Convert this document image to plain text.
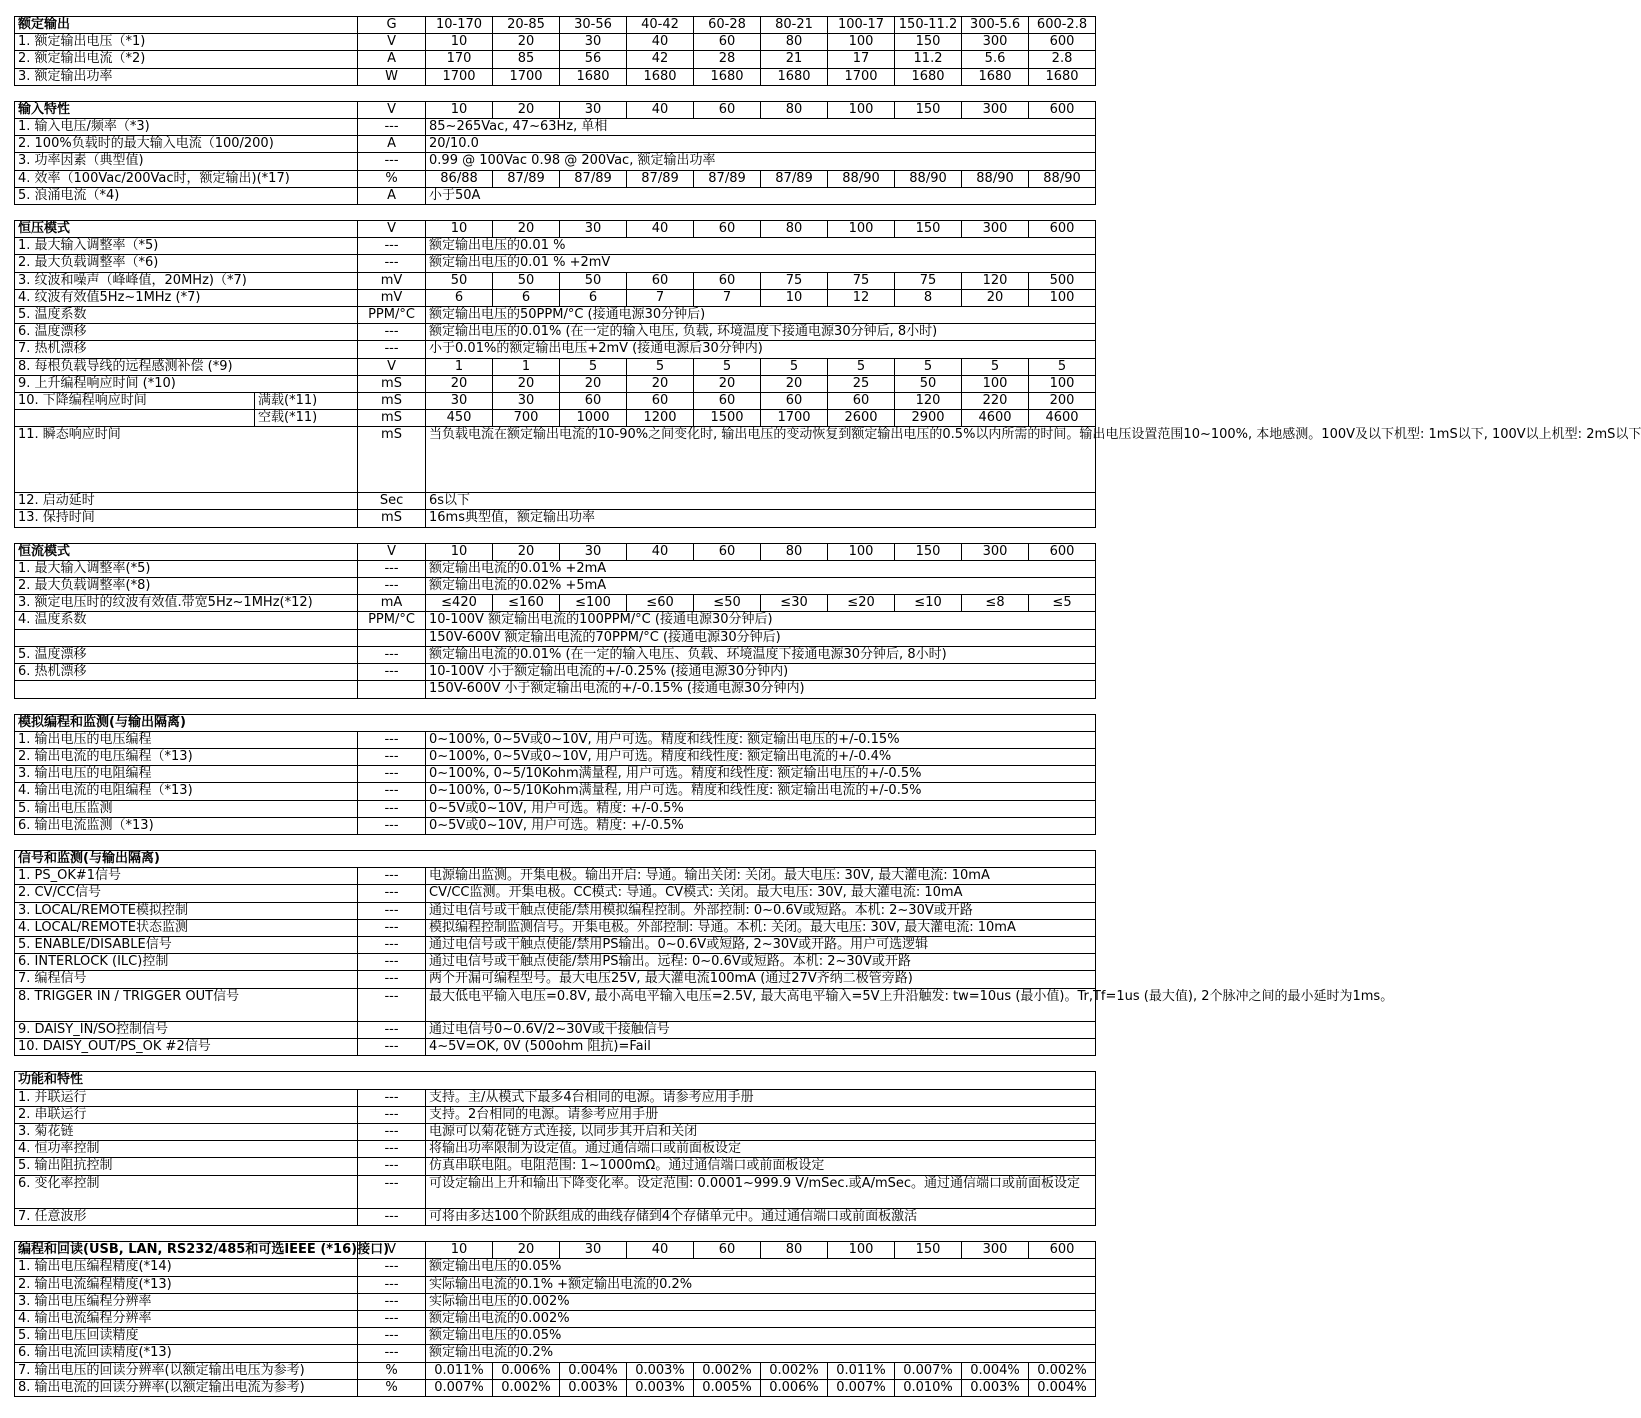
额定输出	G	10-170	20-85	30-56	40-42	60-28	80-21	100-17	150-11.2	300-5.6	600-2.8
1. 额定输出电压（*1)	V	10	20	30	40	60	80	100	150	300	600
2. 额定输出电流（*2)	A	170	85	56	42	28	21	17	11.2	5.6	2.8
3. 额定输出功率	W	1700	1700	1680	1680	1680	1680	1700	1680	1680	1680
输入特性	V	10	20	30	40	60	80	100	150	300	600
1. 输入电压/频率（*3)	---	85~265Vac, 47~63Hz, 单相									
2. 100%负载时的最大输入电流（100/200)	A	20/10.0									
3. 功率因素（典型值)	---	0.99 @ 100Vac 0.98 @ 200Vac, 额定输出功率									
4. 效率（100Vac/200Vac时，额定输出)(*17)	%	86/88	87/89	87/89	87/89	87/89	87/89	88/90	88/90	88/90	88/90
5. 浪涌电流（*4)	A	小于50A									
恒压模式		V	10	20	30	40	60	80	100	150	300	600
1. 最大输入调整率（*5)		---	额定输出电压的0.01 %									
2. 最大负载调整率（*6)		---	额定输出电压的0.01 % +2mV									
3. 纹波和噪声（峰峰值，20MHz)（*7)		mV	50	50	50	60	60	75	75	75	120	500
4. 纹波有效值5Hz~1MHz (*7)		mV	6	6	6	7	7	10	12	8	20	100
5. 温度系数		PPM/°C	额定输出电压的50PPM/°C (接通电源30分钟后)									
6. 温度漂移		---	额定输出电压的0.01% (在一定的输入电压, 负载, 环境温度下接通电源30分钟后, 8小时)									
7. 热机漂移		---	小于0.01%的额定输出电压+2mV (接通电源后30分钟内)									
8. 每根负载导线的远程感测补偿 (*9)		V	1	1	5	5	5	5	5	5	5	5
9. 上升编程响应时间 (*10)		mS	20	20	20	20	20	20	25	50	100	100
10. 下降编程响应时间	满载(*11)	mS	30	30	60	60	60	60	60	120	220	200
	空载(*11)	mS	450	700	1000	1200	1500	1700	2600	2900	4600	4600
11. 瞬态响应时间		mS	当负载电流在额定输出电流的10-90%之间变化时, 输出电压的变动恢复到额定输出电压的0.5%以内所需的时间。输出电压设置范围10~100%, 本地感测。100V及以下机型: 1mS以下, 100V以上机型: 2mS以下									
12. 启动延时		Sec	6s以下									
13. 保持时间		mS	16ms典型值，额定输出功率									
恒流模式	V	10	20	30	40	60	80	100	150	300	600
1. 最大输入调整率(*5)	---	额定输出电流的0.01% +2mA									
2. 最大负载调整率(*8)	---	额定输出电流的0.02% +5mA									
3. 额定电压时的纹波有效值.带宽5Hz~1MHz(*12)	mA	≤420	≤160	≤100	≤60	≤50	≤30	≤20	≤10	≤8	≤5
4. 温度系数	PPM/°C	10-100V 额定输出电流的100PPM/°C (接通电源30分钟后)									
		150V-600V 额定输出电流的70PPM/°C (接通电源30分钟后)									
5. 温度漂移	---	额定输出电流的0.01% (在一定的输入电压、负载、环境温度下接通电源30分钟后, 8小时)									
6. 热机漂移	---	10-100V 小于额定输出电流的+/-0.25% (接通电源30分钟内)									
		150V-600V 小于额定输出电流的+/-0.15% (接通电源30分钟内)									
模拟编程和监测(与输出隔离)		
1. 输出电压的电压编程	---	0~100%, 0~5V或0~10V, 用户可选。精度和线性度: 额定输出电压的+/-0.15%
2. 输出电流的电压编程（*13)	---	0~100%, 0~5V或0~10V, 用户可选。精度和线性度: 额定输出电流的+/-0.4%
3. 输出电压的电阻编程	---	0~100%, 0~5/10Kohm满量程, 用户可选。精度和线性度: 额定输出电压的+/-0.5%
4. 输出电流的电阻编程（*13)	---	0~100%, 0~5/10Kohm满量程, 用户可选。精度和线性度: 额定输出电流的+/-0.5%
5. 输出电压监测	---	0~5V或0~10V, 用户可选。精度: +/-0.5%
6. 输出电流监测（*13)	---	0~5V或0~10V, 用户可选。精度: +/-0.5%
信号和监测(与输出隔离)		
1. PS_OK#1信号	---	电源输出监测。开集电极。输出开启: 导通。输出关闭: 关闭。最大电压: 30V, 最大灌电流: 10mA
2. CV/CC信号	---	CV/CC监测。开集电极。CC模式: 导通。CV模式: 关闭。最大电压: 30V, 最大灌电流: 10mA
3. LOCAL/REMOTE模拟控制	---	通过电信号或干触点使能/禁用模拟编程控制。外部控制: 0~0.6V或短路。本机: 2~30V或开路
4. LOCAL/REMOTE状态监测	---	模拟编程控制监测信号。开集电极。外部控制: 导通。本机: 关闭。最大电压: 30V, 最大灌电流: 10mA
5. ENABLE/DISABLE信号	---	通过电信号或干触点使能/禁用PS输出。0~0.6V或短路, 2~30V或开路。用户可选逻辑
6. INTERLOCK (ILC)控制	---	通过电信号或干触点使能/禁用PS输出。远程: 0~0.6V或短路。本机: 2~30V或开路
7. 编程信号	---	两个开漏可编程型号。最大电压25V, 最大灌电流100mA (通过27V齐纳二极管旁路)
8. TRIGGER IN / TRIGGER OUT信号	---	最大低电平输入电压=0.8V, 最小高电平输入电压=2.5V, 最大高电平输入=5V上升沿触发: tw=10us (最小值)。Tr,Tf=1us (最大值), 2个脉冲之间的最小延时为1ms。
9. DAISY_IN/SO控制信号	---	通过电信号0~0.6V/2~30V或干接触信号
10. DAISY_OUT/PS_OK #2信号	---	4~5V=OK, 0V (500ohm 阻抗)=Fail
功能和特性		
1. 并联运行	---	支持。主/从模式下最多4台相同的电源。请参考应用手册
2. 串联运行	---	支持。2台相同的电源。请参考应用手册
3. 菊花链	---	电源可以菊花链方式连接, 以同步其开启和关闭
4. 恒功率控制	---	将输出功率限制为设定值。通过通信端口或前面板设定
5. 输出阻抗控制	---	仿真串联电阻。电阻范围: 1~1000mΩ。通过通信端口或前面板设定
6. 变化率控制	---	可设定输出上升和输出下降变化率。设定范围: 0.0001~999.9 V/mSec.或A/mSec。通过通信端口或前面板设定
7. 任意波形	---	可将由多达100个阶跃组成的曲线存储到4个存储单元中。通过通信端口或前面板激活
编程和回读(USB, LAN, RS232/485和可选IEEE (*16)接口)	V	10	20	30	40	60	80	100	150	300	600
1. 输出电压编程精度(*14)	---	额定输出电压的0.05%									
2. 输出电流编程精度(*13)	---	实际输出电流的0.1% +额定输出电流的0.2%									
3. 输出电压编程分辨率	---	实际输出电压的0.002%									
4. 输出电流编程分辨率	---	额定输出电流的0.002%									
5. 输出电压回读精度	---	额定输出电压的0.05%									
6. 输出电流回读精度(*13)	---	额定输出电流的0.2%									
7. 输出电压的回读分辨率(以额定输出电压为参考)	%	0.011%	0.006%	0.004%	0.003%	0.002%	0.002%	0.011%	0.007%	0.004%	0.002%
8. 输出电流的回读分辨率(以额定输出电流为参考)	%	0.007%	0.002%	0.003%	0.003%	0.005%	0.006%	0.007%	0.010%	0.003%	0.004%
